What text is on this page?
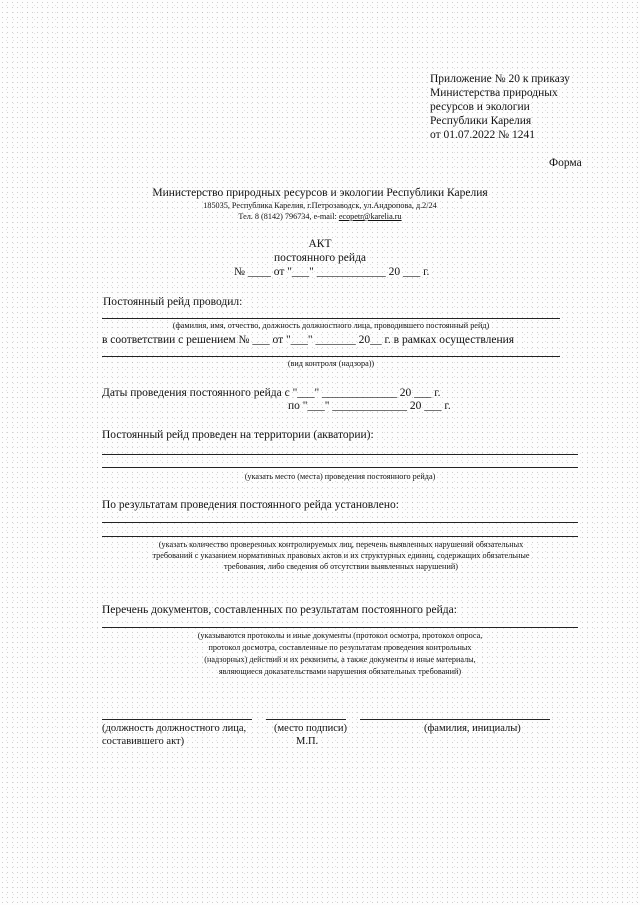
Приложение № 20 к приказу
Министерства природных
ресурсов и экологии
Республики Карелия
от 01.07.2022 № 1241
Форма
Министерство природных ресурсов и экологии Республики Карелия
185035, Республика Карелия, г.Петрозаводск, ул.Андропова, д.2/24
Тел. 8 (8142) 796734, e-mail: ecopetr@karelia.ru
АКТ
постоянного рейда
№ ____ от "___" ____________ 20 ___ г.
Постоянный рейд проводил:
(фамилия, имя, отчество, должность должностного лица, проводившего постоянный рейд)
в соответствии с решением № ___ от "___" _______ 20__ г. в рамках осуществления
(вид контроля (надзора))
Даты проведения постоянного рейда с "___" _____________ 20 ___ г.
по "___" _____________ 20 ___ г.
Постоянный рейд проведен на территории (акватории):
(указать место (места) проведения постоянного рейда)
По результатам проведения постоянного рейда установлено:
(указать количество проверенных контролируемых лиц, перечень выявленных нарушений обязательных
требований с указанием нормативных правовых актов и их структурных единиц, содержащих обязательные
требования, либо сведения об отсутствии выявленных нарушений)
Перечень документов, составленных по результатам постоянного рейда:
(указываются протоколы и иные документы (протокол осмотра, протокол опроса,
протокол досмотра, составленные по результатам проведения контрольных
(надзорных) действий и их реквизиты, а также документы и иные материалы,
являющиеся доказательствами нарушения обязательных требований)
(должность должностного лица,
составившего акт)
(место подписи)
М.П.
(фамилия, инициалы)
